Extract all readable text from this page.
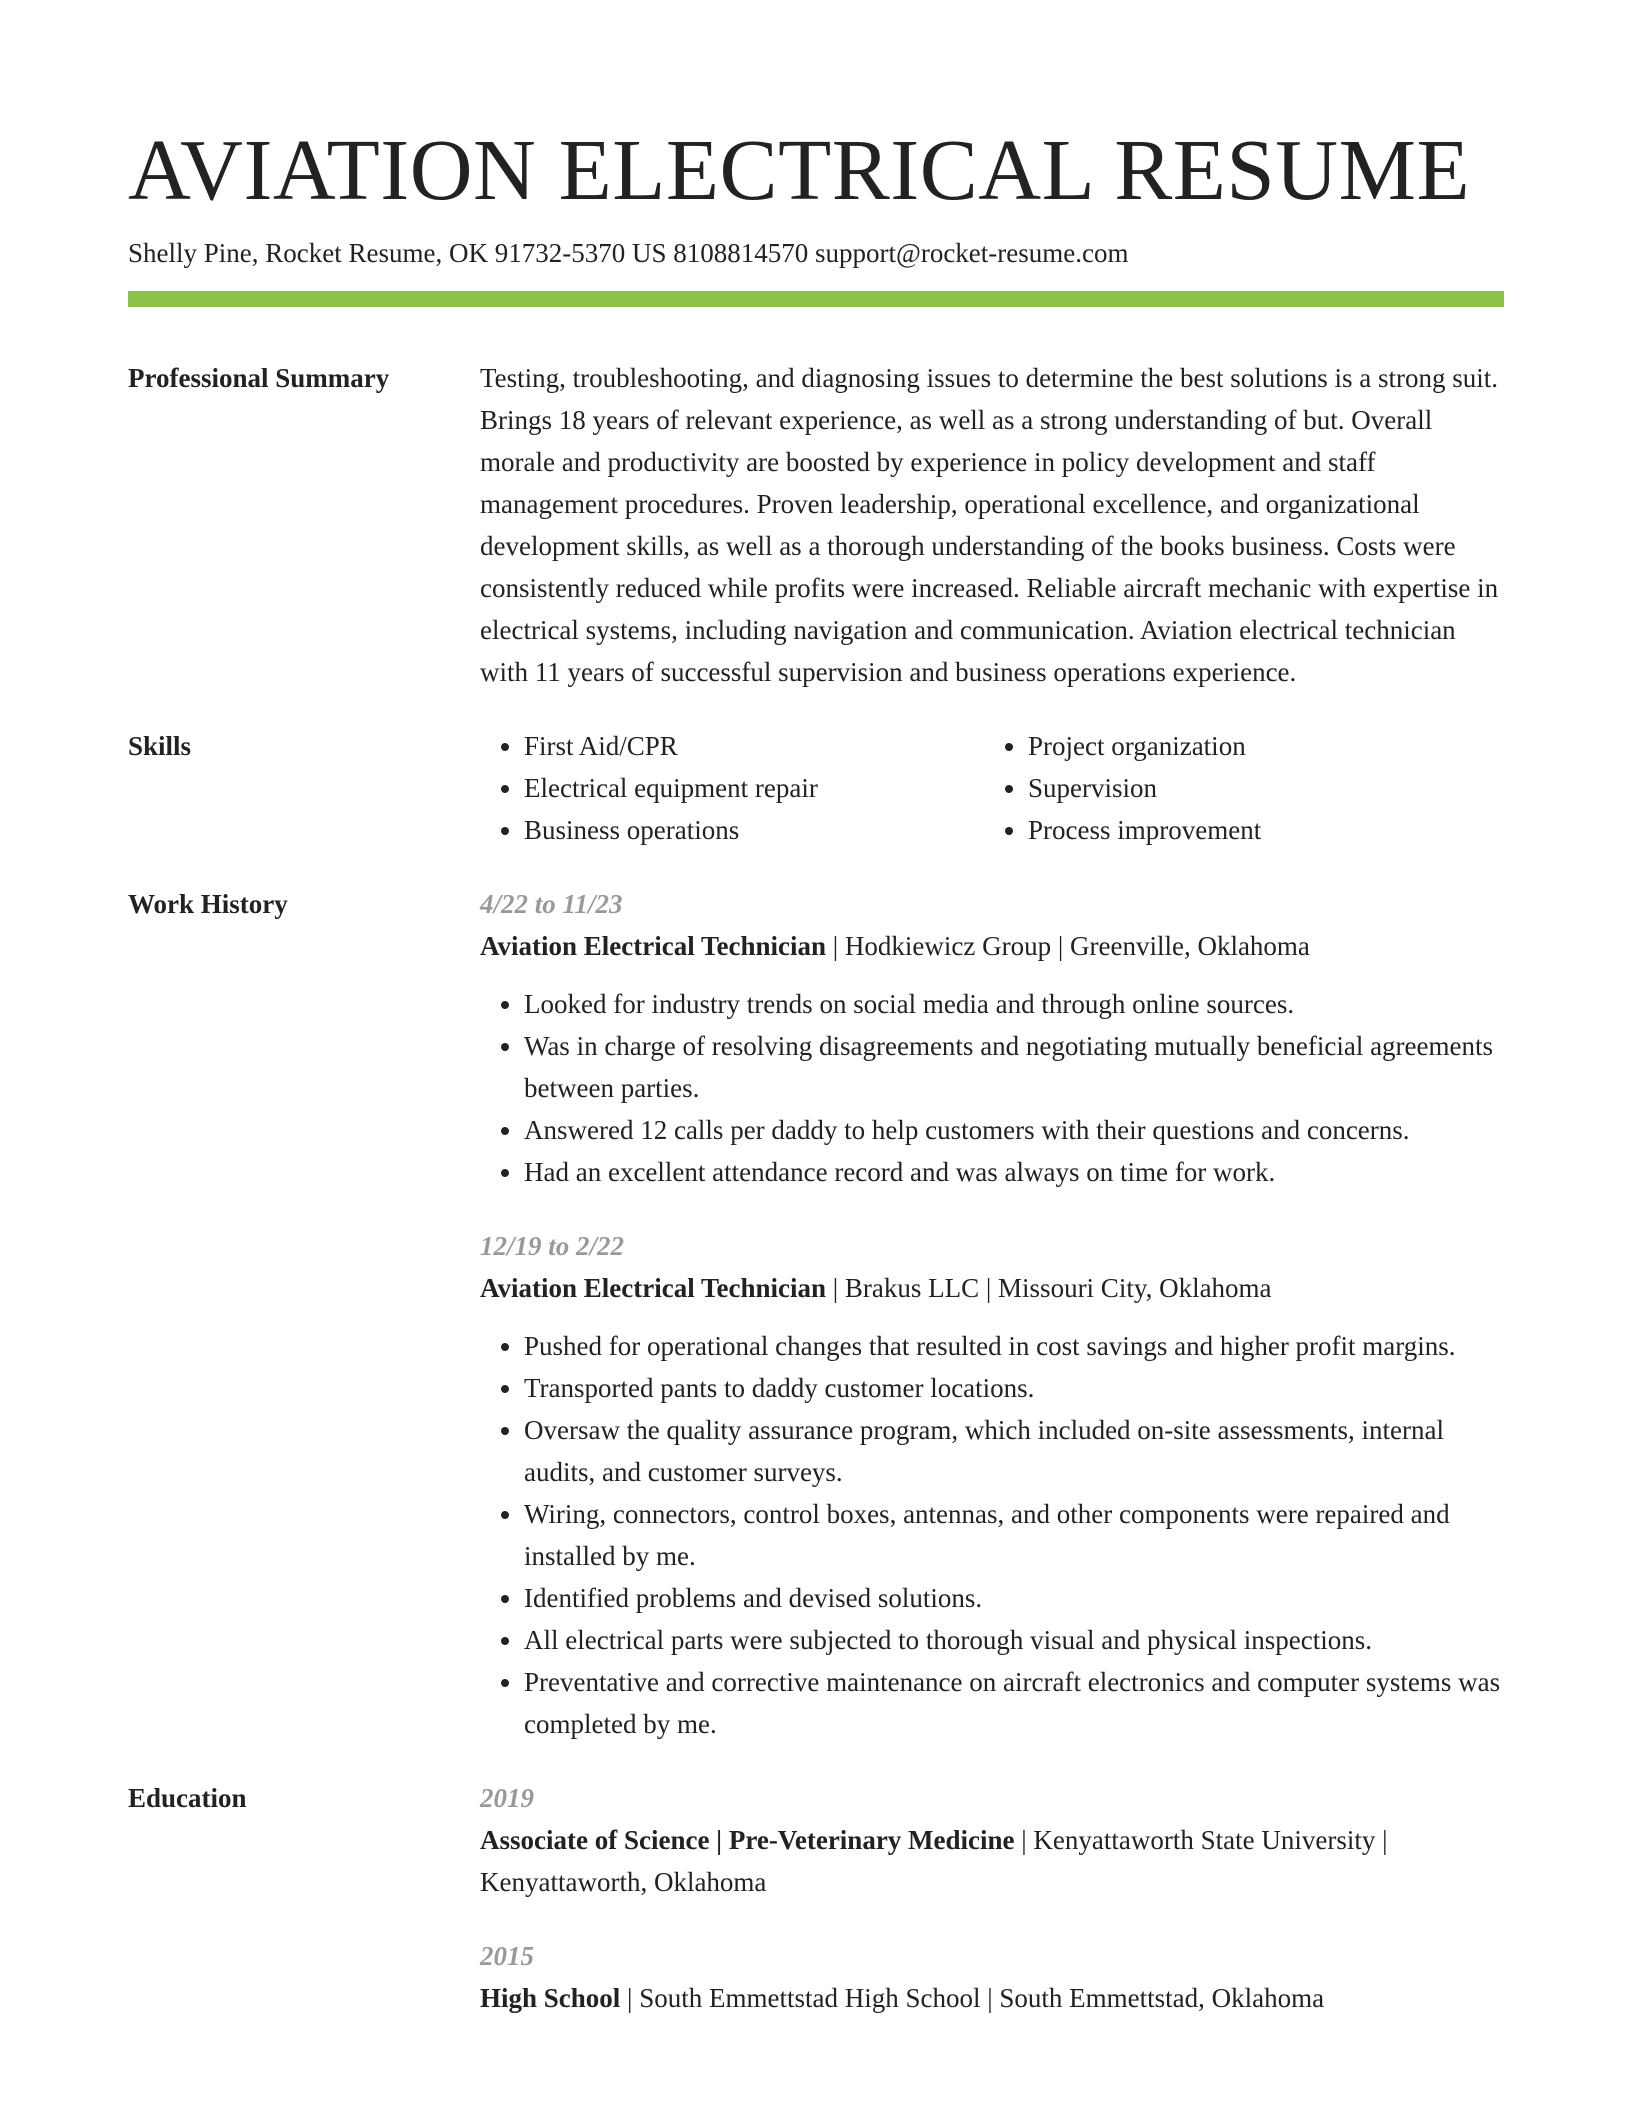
AVIATION ELECTRICAL RESUME
Shelly Pine, Rocket Resume, OK 91732-5370 US 8108814570 support@rocket-resume.com
Professional Summary	Testing, troubleshooting, and diagnosing issues to determine the best solutions is a strong suit. Brings 18 years of relevant experience, as well as a strong understanding of but. Overall morale and productivity are boosted by experience in policy development and staff management procedures. Proven leadership, operational excellence, and organizational development skills, as well as a thorough understanding of the books business. Costs were consistently reduced while profits were increased. Reliable aircraft mechanic with expertise in electrical systems, including navigation and communication. Aviation electrical technician with 11 years of successful supervision and business operations experience.

Skills
•	First Aid/CPR
• Electrical equipment repair
• Business operations
• Project organization
• Supervision
• Process improvement
Work History	4/22 to 11/23
Aviation Electrical Technician | Hodkiewicz Group | Greenville, Oklahoma
• Looked for industry trends on social media and through online sources.
• Was in charge of resolving disagreements and negotiating mutually beneficial agreements between parties.
• Answered 12 calls per daddy to help customers with their questions and concerns.
• Had an excellent attendance record and was always on time for work.
12/19 to 2/22
Aviation Electrical Technician | Brakus LLC | Missouri City, Oklahoma
• Pushed for operational changes that resulted in cost savings and higher profit margins.
• Transported pants to daddy customer locations.
• Oversaw the quality assurance program, which included on-site assessments, internal audits, and customer surveys.
• Wiring, connectors, control boxes, antennas, and other components were repaired and installed by me.
• Identified problems and devised solutions.
• All electrical parts were subjected to thorough visual and physical inspections.
• Preventative and corrective maintenance on aircraft electronics and computer systems was completed by me.
Education	2019
Associate of Science | Pre-Veterinary Medicine | Kenyattaworth State University | Kenyattaworth, Oklahoma
2015
High School | South Emmettstad High School | South Emmettstad, Oklahoma
